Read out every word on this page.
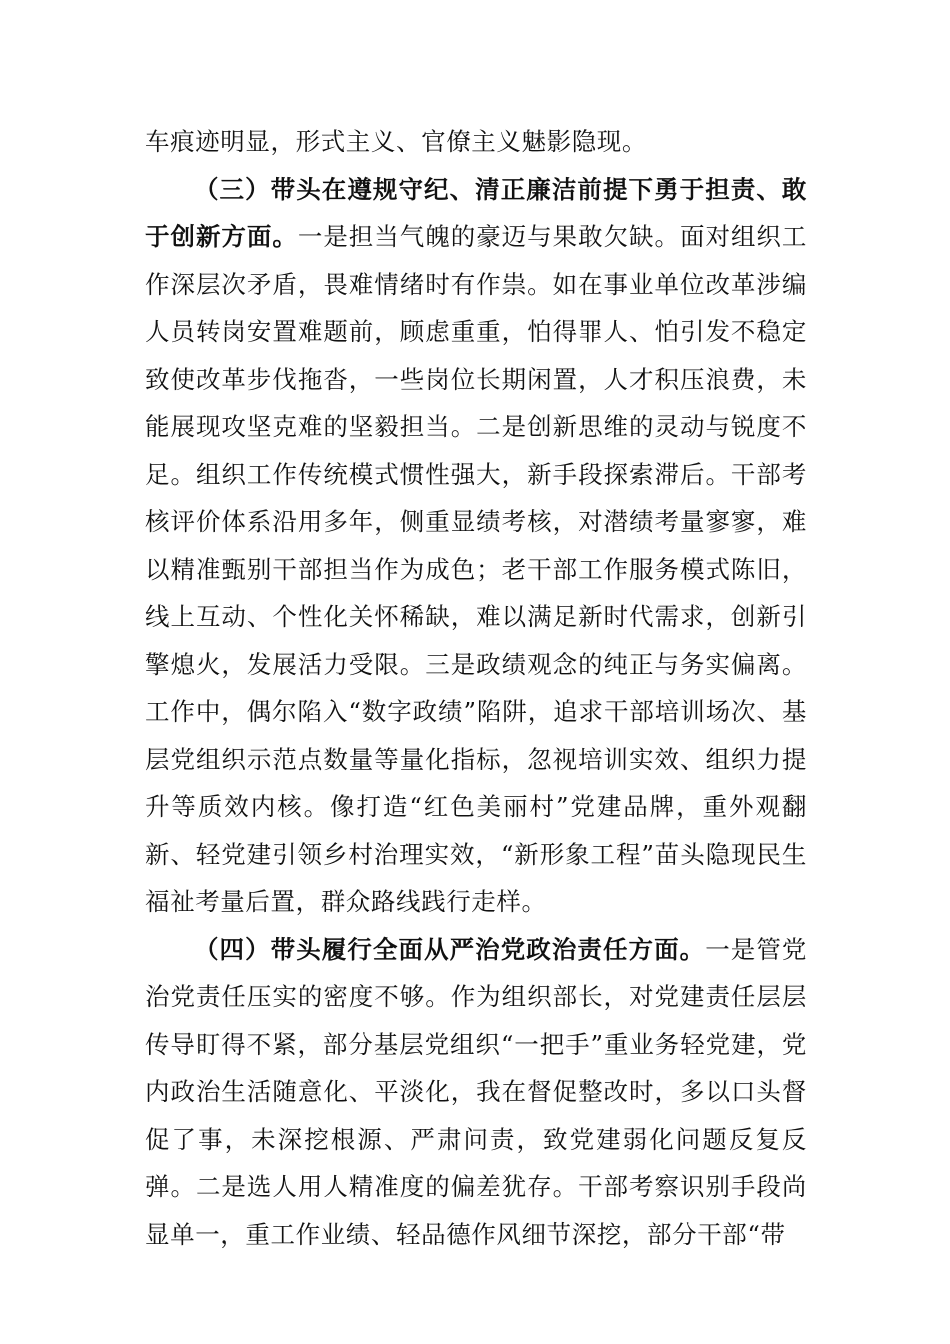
车痕迹明显，形式主义、官僚主义魅影隐现。

（三）带头在遵规守纪、清正廉洁前提下勇于担责、敢于创新方面。一是担当气魄的豪迈与果敢欠缺。面对组织工作深层次矛盾，畏难情绪时有作祟。如在事业单位改革涉编人员转岗安置难题前，顾虑重重，怕得罪人、怕引发不稳定致使改革步伐拖沓，一些岗位长期闲置，人才积压浪费，未能展现攻坚克难的坚毅担当。二是创新思维的灵动与锐度不足。组织工作传统模式惯性强大，新手段探索滞后。干部考核评价体系沿用多年，侧重显绩考核，对潜绩考量寥寥，难以精准甄别干部担当作为成色；老干部工作服务模式陈旧，线上互动、个性化关怀稀缺，难以满足新时代需求，创新引擎熄火，发展活力受限。三是政绩观念的纯正与务实偏离。工作中，偶尔陷入“数字政绩”陷阱，追求干部培训场次、基层党组织示范点数量等量化指标，忽视培训实效、组织力提升等质效内核。像打造“红色美丽村”党建品牌，重外观翻新、轻党建引领乡村治理实效，“新形象工程”苗头隐现民生福祉考量后置，群众路线践行走样。

（四）带头履行全面从严治党政治责任方面。一是管党治党责任压实的密度不够。作为组织部长，对党建责任层层传导盯得不紧，部分基层党组织“一把手”重业务轻党建，党内政治生活随意化、平淡化，我在督促整改时，多以口头督促了事，未深挖根源、严肃问责，致党建弱化问题反复反弹。二是选人用人精准度的偏差犹存。干部考察识别手段尚显单一，重工作业绩、轻品德作风细节深挖，部分干部“带
